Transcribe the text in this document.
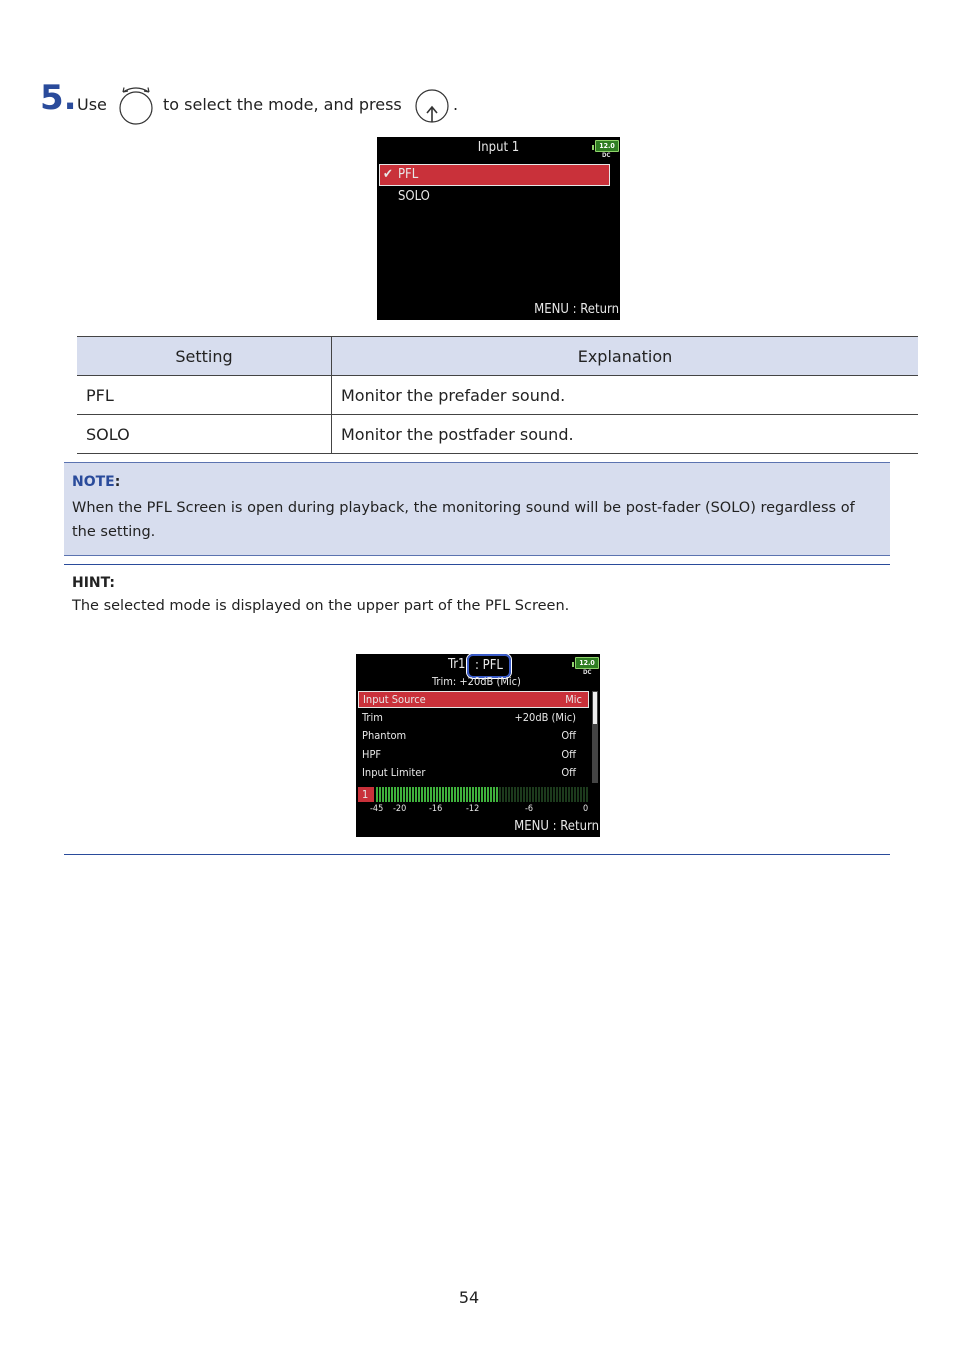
5. Use	to select the mode, and press	.
Input 1	12.0
DC
✔ PFL
SOLO
MENU : Return
Setting	Explanation
PFL	Monitor the prefader sound.
SOLO	Monitor the postfader sound.
NOTE:
When the PFL Screen is open during playback, the monitoring sound will be post-fader (SOLO) regardless of the setting.
HINT:
The selected mode is displayed on the upper part of the PFL Screen.
Tr1 : PFL
Trim: +20dB (Mic)
12.0
DC
Input Source	Mic
Trim	+20dB (Mic)
Phantom	Off
HPF	Off
Input Limiter	Off
1
-45 -20	-16	-12	-6	0
MENU : Return
54
